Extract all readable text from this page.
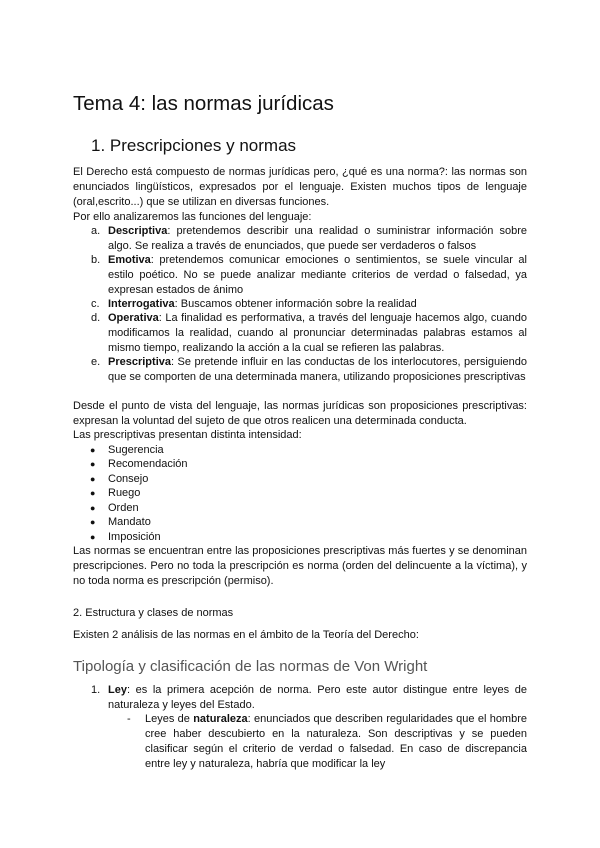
Tema 4: las normas jurídicas
1. Prescripciones y normas
El Derecho está compuesto de normas jurídicas pero, ¿qué es una norma?: las normas son enunciados lingüísticos, expresados por el lenguaje. Existen muchos tipos de lenguaje (oral,escrito...) que se utilizan en diversas funciones.
Por ello analizaremos las funciones del lenguaje:
a. Descriptiva: pretendemos describir una realidad o suministrar información sobre algo. Se realiza a través de enunciados, que puede ser verdaderos o falsos
b. Emotiva: pretendemos comunicar emociones o sentimientos, se suele vincular al estilo poético. No se puede analizar mediante criterios de verdad o falsedad, ya expresan estados de ánimo
c. Interrogativa: Buscamos obtener información sobre la realidad
d. Operativa: La finalidad es performativa, a través del lenguaje hacemos algo, cuando modificamos la realidad, cuando al pronunciar determinadas palabras estamos al mismo tiempo, realizando la acción a la cual se refieren las palabras.
e. Prescriptiva: Se pretende influir en las conductas de los interlocutores, persiguiendo que se comporten de una determinada manera, utilizando proposiciones prescriptivas
Desde el punto de vista del lenguaje, las normas jurídicas son proposiciones prescriptivas: expresan la voluntad del sujeto de que otros realicen una determinada conducta.
Las prescriptivas presentan distinta intensidad:
● Sugerencia
● Recomendación
● Consejo
● Ruego
● Orden
● Mandato
● Imposición
Las normas se encuentran entre las proposiciones prescriptivas más fuertes y se denominan prescripciones. Pero no toda la prescripción es norma (orden del delincuente a la víctima), y no toda norma es prescripción (permiso).
2. Estructura y clases de normas
Existen 2 análisis de las normas en el ámbito de la Teoría del Derecho:
Tipología y clasificación de las normas de Von Wright
1. Ley: es la primera acepción de norma. Pero este autor distingue entre leyes de naturaleza y leyes del Estado.
- Leyes de naturaleza: enunciados que describen regularidades que el hombre cree haber descubierto en la naturaleza. Son descriptivas y se pueden clasificar según el criterio de verdad o falsedad. En caso de discrepancia entre ley y naturaleza, habría que modificar la ley
